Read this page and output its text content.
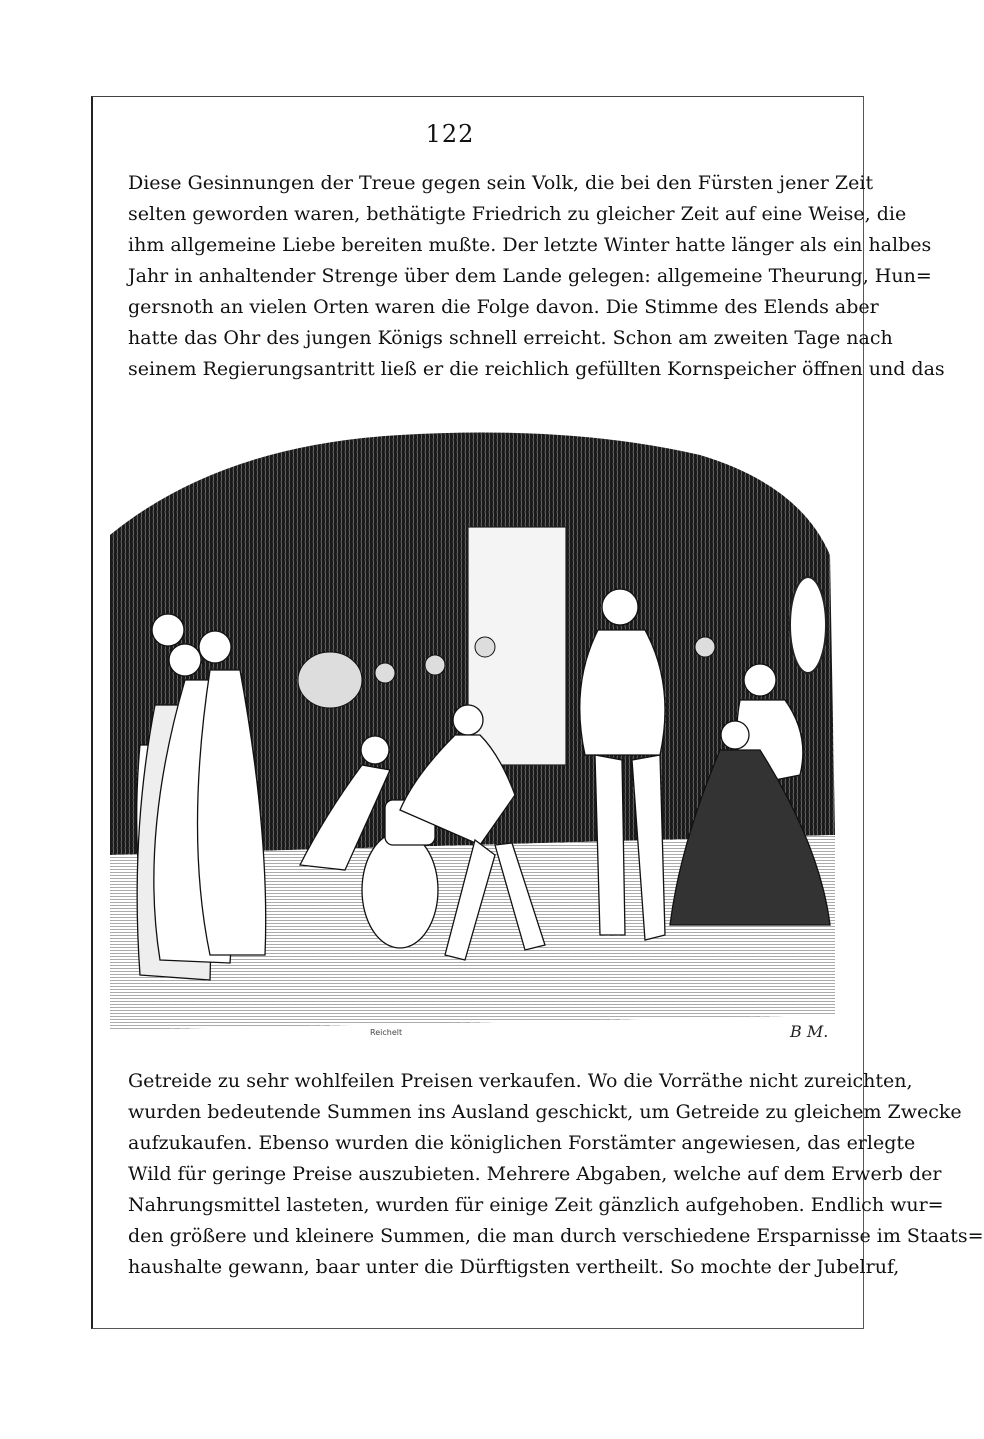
122
Diese Gesinnungen der Treue gegen sein Volk, die bei den Fürsten jener Zeit
selten geworden waren, bethätigte Friedrich zu gleicher Zeit auf eine Weise, die
ihm allgemeine Liebe bereiten mußte. Der letzte Winter hatte länger als ein halbes
Jahr in anhaltender Strenge über dem Lande gelegen: allgemeine Theurung, Hun=
gersnoth an vielen Orten waren die Folge davon. Die Stimme des Elends aber
hatte das Ohr des jungen Königs schnell erreicht. Schon am zweiten Tage nach
seinem Regierungsantritt ließ er die reichlich gefüllten Kornspeicher öffnen und das
Reichelt	B M.
Getreide zu sehr wohlfeilen Preisen verkaufen. Wo die Vorräthe nicht zureichten,
wurden bedeutende Summen ins Ausland geschickt, um Getreide zu gleichem Zwecke
aufzukaufen. Ebenso wurden die königlichen Forstämter angewiesen, das erlegte
Wild für geringe Preise auszubieten. Mehrere Abgaben, welche auf dem Erwerb der
Nahrungsmittel lasteten, wurden für einige Zeit gänzlich aufgehoben. Endlich wur=
den größere und kleinere Summen, die man durch verschiedene Ersparnisse im Staats=
haushalte gewann, baar unter die Dürftigsten vertheilt. So mochte der Jubelruf,
